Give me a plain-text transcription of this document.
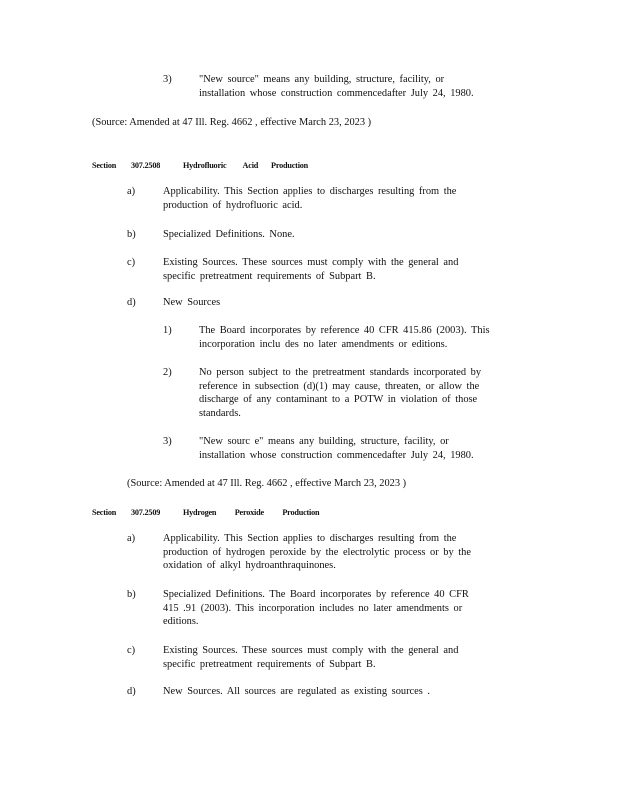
3)	"New source" means any building, structure, facility, or
installation whose construction commencedafter July 24, 1980.
(Source: Amended at 47 Ill. Reg. 4662 , effective March 23, 2023 )
Section 307.2508	Hydrofluoric         Acid       Production
a)	Applicability. This Section applies to discharges resulting from the
production of hydrofluoric acid.
b)	Specialized Definitions. None.
c)	Existing Sources. These sources must comply with the general and
specific pretreatment requirements of Subpart B.
d)	New Sources
1)	The Board incorporates by reference 40 CFR 415.86 (2003). This
incorporation inclu des no later amendments or editions.
2)	No person subject to the pretreatment standards incorporated by
reference in subsection (d)(1) may cause, threaten, or allow the
discharge of any contaminant to a POTW in violation of those
standards.
3)	"New sourc e" means any building, structure, facility, or
installation whose construction commencedafter July 24, 1980.
(Source: Amended at 47 Ill. Reg. 4662 , effective March 23, 2023 )
Section 307.2509	Hydrogen          Peroxide          Production
a)	Applicability. This Section applies to discharges resulting from the
production of hydrogen peroxide by the electrolytic process or by the
oxidation of alkyl hydroanthraquinones.
b)	Specialized Definitions. The Board incorporates by reference 40 CFR
415 .91 (2003). This incorporation includes no later amendments or
editions.
c)	Existing Sources. These sources must comply with the general and
specific pretreatment requirements of Subpart B.
d)	New Sources. All sources are regulated as existing sources .
